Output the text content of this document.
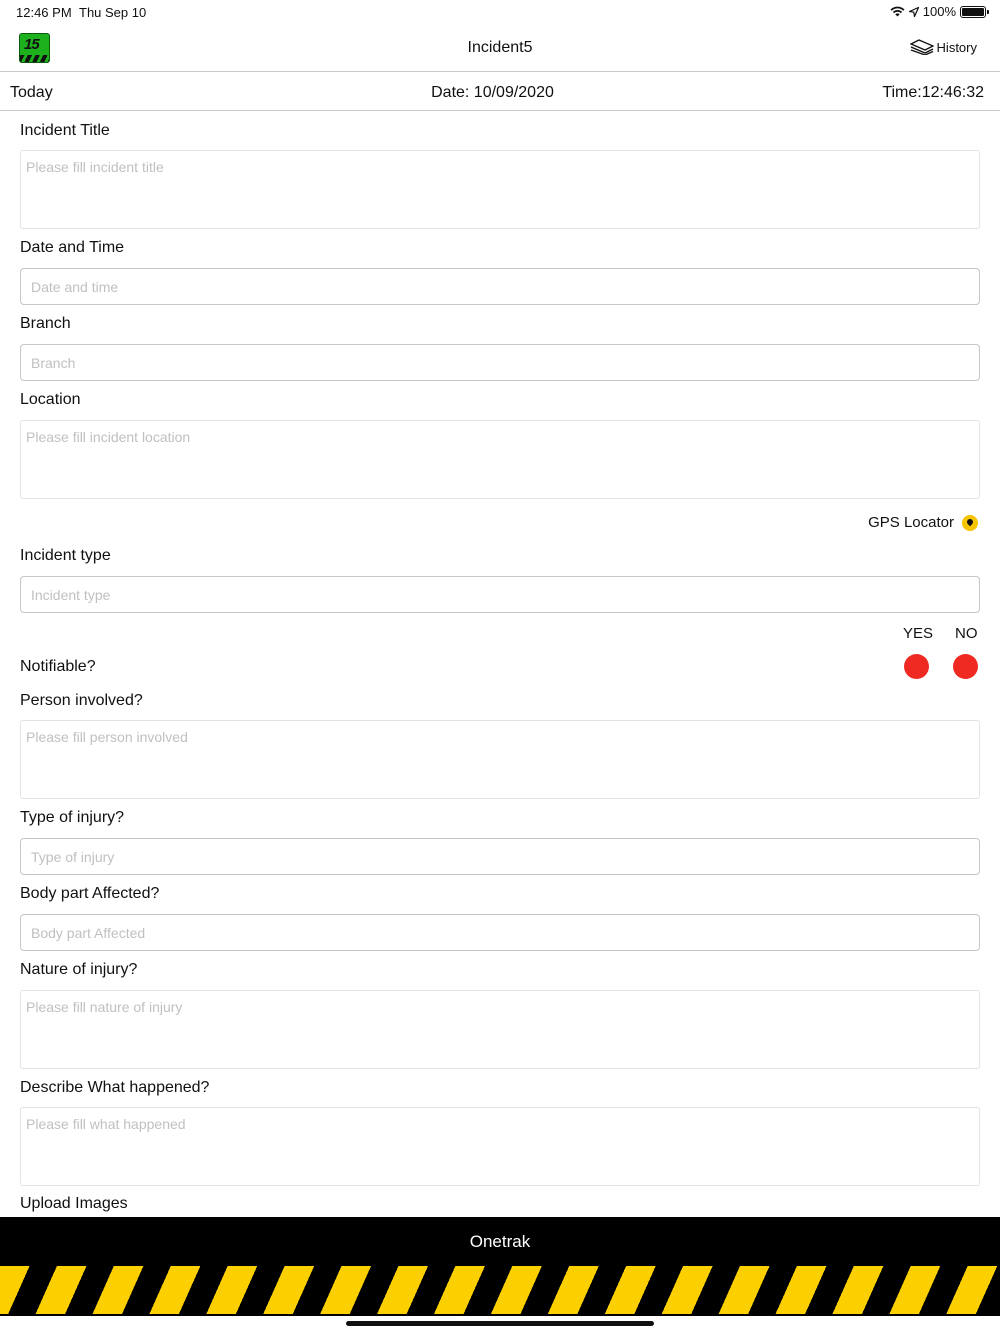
12:46 PM Thu Sep 10	100%
15	Incident5	History
Today	Date: 10/09/2020	Time:12:46:32
Incident Title
Please fill incident title
Date and Time
Date and time
Branch
Branch
Location
Please fill incident location
GPS Locator
Incident type
Incident type
YES NO
Notifiable?
Person involved?
Please fill person involved
Type of injury?
Type of injury
Body part Affected?
Body part Affected
Nature of injury?
Please fill nature of injury
Describe What happened?
Please fill what happened
Upload Images
Onetrak
